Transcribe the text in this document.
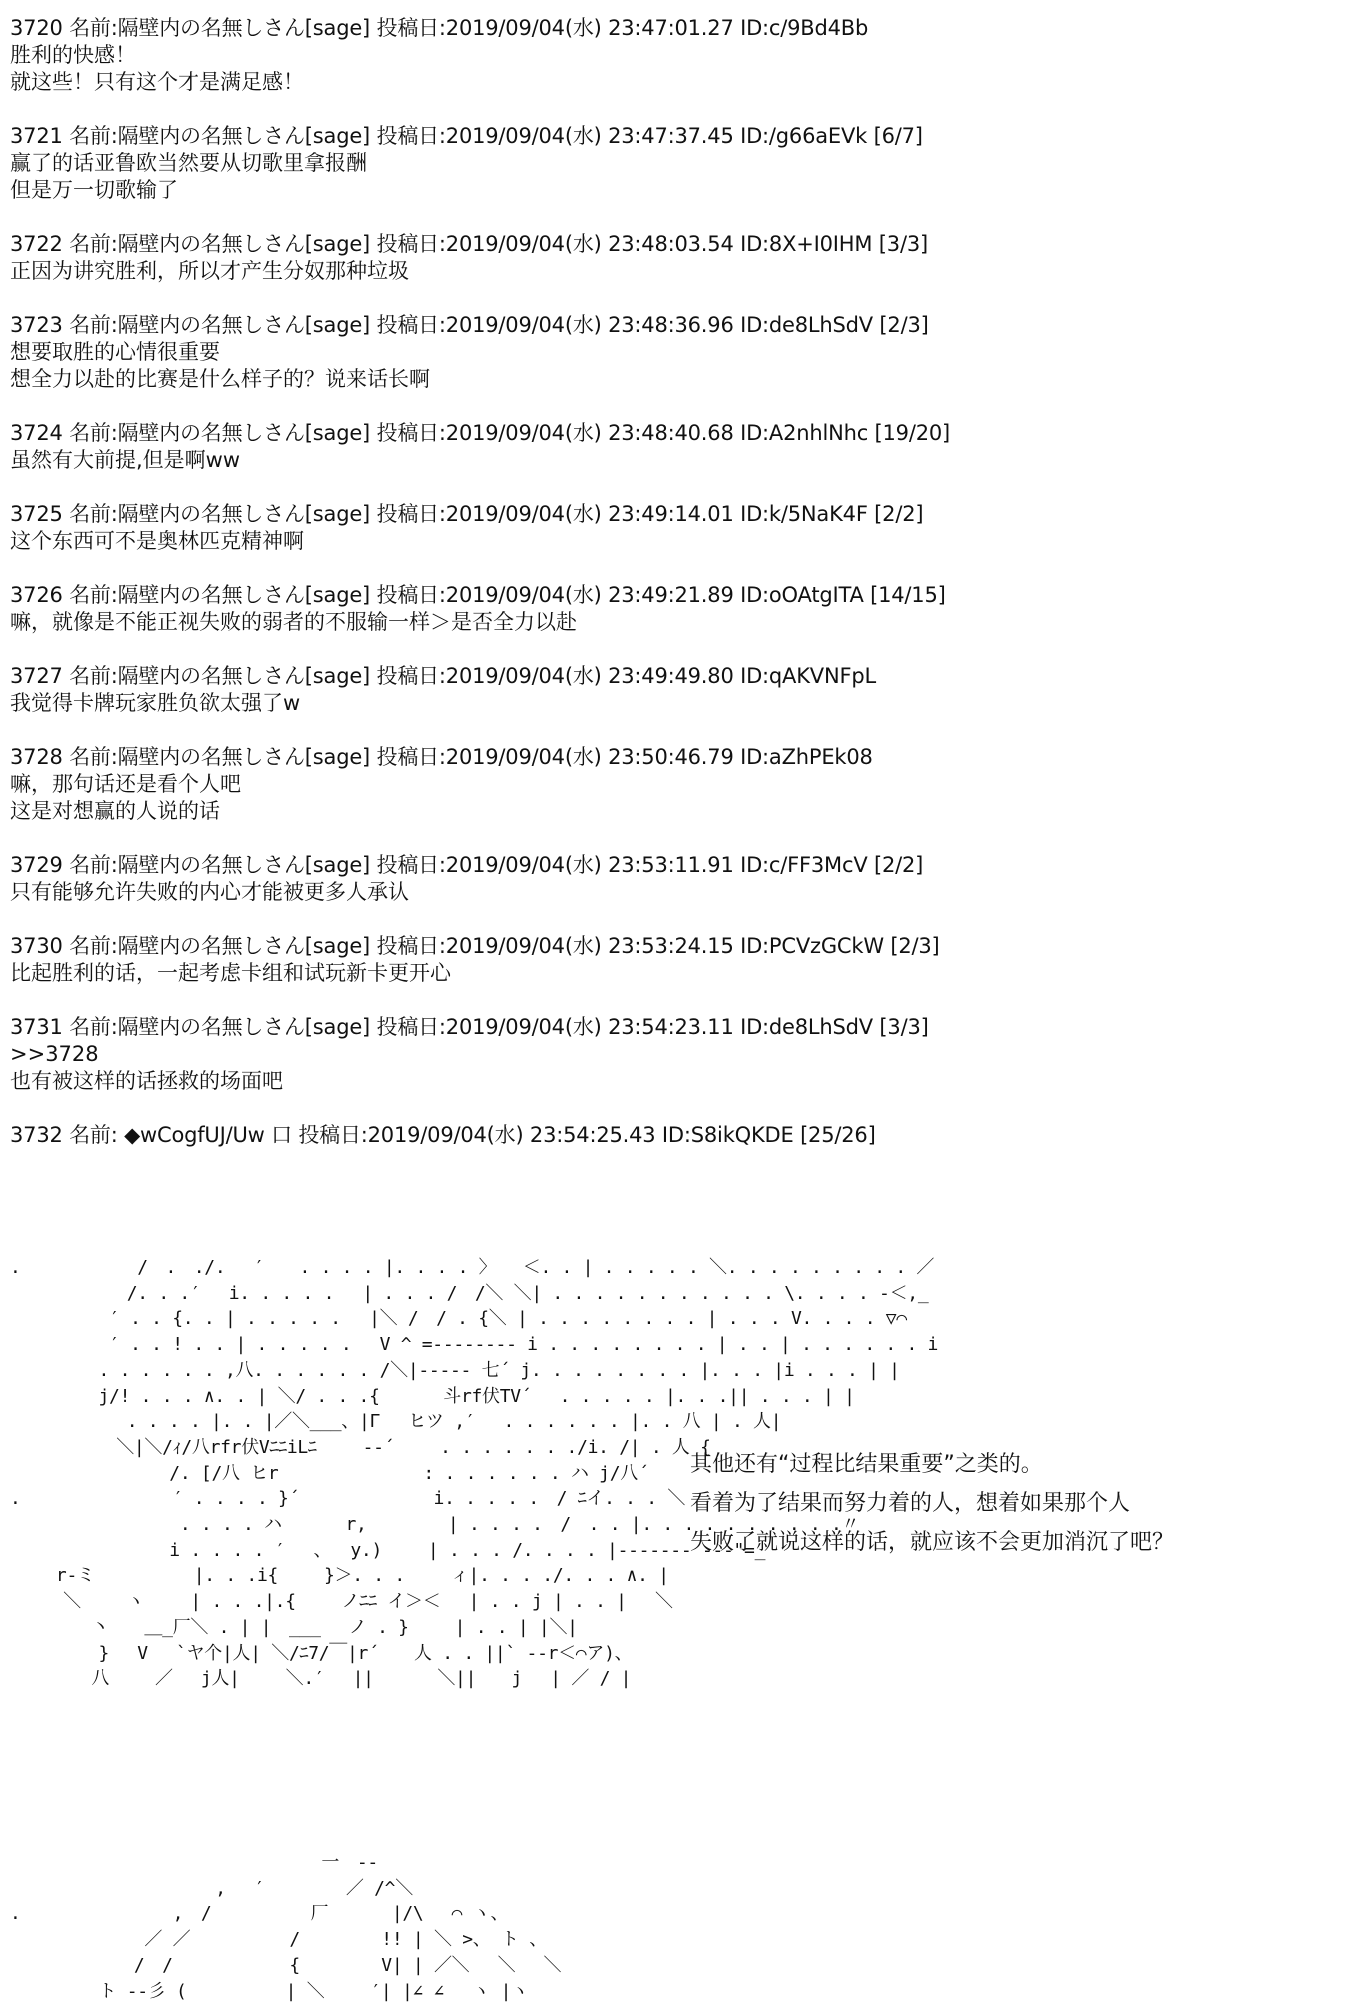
3720 名前:隔壁内の名無しさん[sage] 投稿日:2019/09/04(水) 23:47:01.27 ID:c/9Bd4Bb
胜利的快感！
就这些！只有这个才是满足感！
3721 名前:隔壁内の名無しさん[sage] 投稿日:2019/09/04(水) 23:47:37.45 ID:/g66aEVk [6/7]
赢了的话亚鲁欧当然要从切歌里拿报酬
但是万一切歌输了
3722 名前:隔壁内の名無しさん[sage] 投稿日:2019/09/04(水) 23:48:03.54 ID:8X+I0IHM [3/3]
正因为讲究胜利，所以才产生分奴那种垃圾
3723 名前:隔壁内の名無しさん[sage] 投稿日:2019/09/04(水) 23:48:36.96 ID:de8LhSdV [2/3]
想要取胜的心情很重要
想全力以赴的比赛是什么样子的？说来话长啊
3724 名前:隔壁内の名無しさん[sage] 投稿日:2019/09/04(水) 23:48:40.68 ID:A2nhlNhc [19/20]
虽然有大前提,但是啊ww
3725 名前:隔壁内の名無しさん[sage] 投稿日:2019/09/04(水) 23:49:14.01 ID:k/5NaK4F [2/2]
这个东西可不是奥林匹克精神啊
3726 名前:隔壁内の名無しさん[sage] 投稿日:2019/09/04(水) 23:49:21.89 ID:oOAtgITA [14/15]
嘛，就像是不能正视失败的弱者的不服输一样＞是否全力以赴
3727 名前:隔壁内の名無しさん[sage] 投稿日:2019/09/04(水) 23:49:49.80 ID:qAKVNFpL
我觉得卡牌玩家胜负欲太强了w
3728 名前:隔壁内の名無しさん[sage] 投稿日:2019/09/04(水) 23:50:46.79 ID:aZhPEk08
嘛，那句话还是看个人吧
这是对想赢的人说的话
3729 名前:隔壁内の名無しさん[sage] 投稿日:2019/09/04(水) 23:53:11.91 ID:c/FF3McV [2/2]
只有能够允许失败的内心才能被更多人承认
3730 名前:隔壁内の名無しさん[sage] 投稿日:2019/09/04(水) 23:53:24.15 ID:PCVzGCkW [2/3]
比起胜利的话，一起考虑卡组和试玩新卡更开心
3731 名前:隔壁内の名無しさん[sage] 投稿日:2019/09/04(水) 23:54:23.11 ID:de8LhSdV [3/3]
>>3728
也有被这样的话拯救的场面吧
3732 名前: ◆wCogfUJ/Uw 口 投稿日:2019/09/04(水) 23:54:25.43 ID:S8ikQKDE [25/26]
.　　　　　　 /　.　./.　 ′　　. . . . |. . . . 〉　　＜. . | . . . . . ＼. . . . . . . . . ／
　　　　　　 /. . .′　 i. . . . . 　| . . . /　/＼ ＼| . . . . . . . . . . . \. . . . -＜,_
　　　　　 ′ . . {. . | . . . . . 　|＼ /　/ . {＼ | . . . . . . . . | . . . V. . . . ▽⌒
　　　　　 ′ . . ! . . | . . . . . 　V ^ =-------- i . . . . . . . . | . . | . . . . . . i
　　　　　. . . . . . ,八. . . . . . /＼|----- 七´ j. . . . . . . . |. . . |i . . . | |
　　　　　j/! . . . ∧. . | ＼/ . . .{　　　 斗rf伏TV´　 . . . . . |. . .|| . . . | |
　　　　　　 . . . . |. . |／＼___、|Γ　 ヒツ ,′　 . . . . . . |. . 八 | . 人|
　　　　　　＼|＼/ｨ/八rfr伏VﾆﾆiLﾆ　　 --´　　 . . . . . . ./i. /| . 人 {
　　　　　　　　　/. [/八 ヒr　　　　　　 　 : . . . . . . ハ j/八´
.　　　　　　　　 ′ . . . . }´　　　　　　　 i. . . . .　/ ﾆイ. . . ＼
　　　　　　　　　 . . . . ハ　　　 r,　　　　 | . . . .　/　. . |. . . . . . . . . .〃
　　　　　　　　　i . . . . ′　 、　 у.)　　 | . . . /. . . . |------- ---"=_
　　 r-ミ　　　　　 |. . .i{　　 }＞. . .　　 ィ|. . . ./. . . ∧. |
　　　＼　　 ヽ　　 | . . .|.{　　 ノﾆﾆ イ＞＜　 | . . j | . . |　 ＼
　　　　 丶　　＿_厂＼ . | |　___　 ノ . }　　 | . . | |＼|
　　　　　}　 V 　`ヤ个|人| ＼/ﾆ7/￣|r´　　人 . . ||` --r＜⌒ア)、
　　　　 八　　 ／　 j人|　　 ＼.′　 ||　　　 ＼||　　j　 | ／ / |
其他还有“过程比结果重要”之类的。
看着为了结果而努力着的人，想着如果那个人
失败了就说这样的话，就应该不会更加消沉了吧？
　　　　　　　　　　　　　　　　　 一　--
　　　　　　　　　　　 ,　 ′　　　　 ／ /^＼
.　　　　　　　　 ,　/　　　　　 厂　　　 |/\　 ⌒ ヽ、
　　　　　　　 ／ ／　　　　　 /　　　　 !! | ＼ >、 ト 、
　　　　　　　/　/　　　　　　 {　　　　 V| | ／＼　 ＼　 ＼
　　　　　ト --彡 (　　　　　 | ＼　　 ′| |∠ ∠　 ヽ |ヽ
